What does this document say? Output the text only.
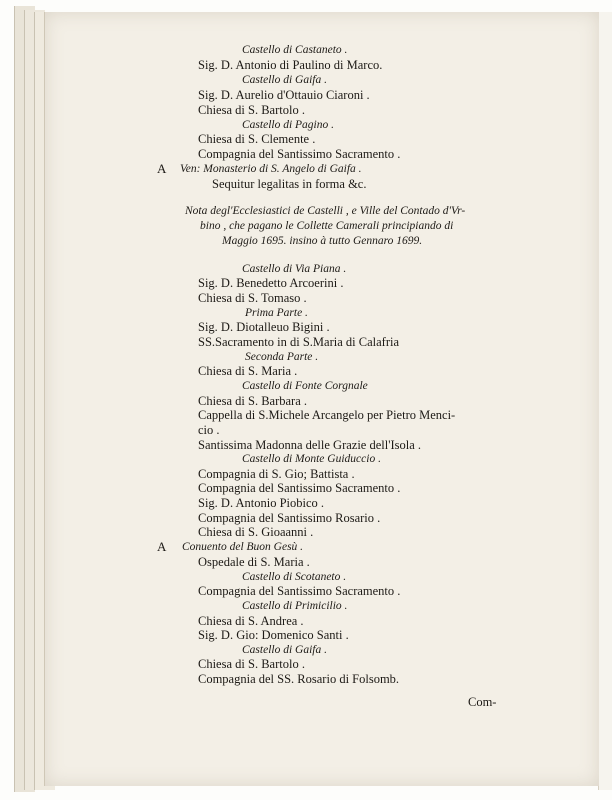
Castello di Castaneto .
Sig. D. Antonio di Paulino di Marco.
Castello di Gaifa .
Sig. D. Aurelio d'Ottauio Ciaroni .
Chiesa di S. Bartolo .
Castello di Pagino .
Chiesa di S. Clemente .
Compagnia del Santissimo Sacramento .
A Ven: Monasterio di S. Angelo di Gaifa .
Sequitur legalitas in forma &c.
Nota degl'Ecclesiastici de Castelli , e Ville del Contado d'Vr-
bino , che pagano le Collette Camerali principiando di
Maggio 1695. insino à tutto Gennaro 1699.
Castello di Via Piana .
Sig. D. Benedetto Arcoerini .
Chiesa di S. Tomaso .
Prima Parte .
Sig. D. Diotalleuo Bigini .
SS.Sacramento in di S.Maria di Calafria
Seconda Parte .
Chiesa di S. Maria .
Castello di Fonte Corgnale
Chiesa di S. Barbara .
Cappella di S.Michele Arcangelo per Pietro Menci-
cio .
Santissima Madonna delle Grazie dell'Isola .
Castello di Monte Guiduccio .
Compagnia di S. Gio; Battista .
Compagnia del Santissimo Sacramento .
Sig. D. Antonio Piobico .
Compagnia del Santissimo Rosario .
Chiesa di S. Gioaanni .
A Conuento del Buon Gesù .
Ospedale di S. Maria .
Castello di Scotaneto .
Compagnia del Santissimo Sacramento .
Castello di Primicilio .
Chiesa di S. Andrea .
Sig. D. Gio: Domenico Santi .
Castello di Gaifa .
Chiesa di S. Bartolo .
Compagnia del SS. Rosario di Folsomb.
Com-
